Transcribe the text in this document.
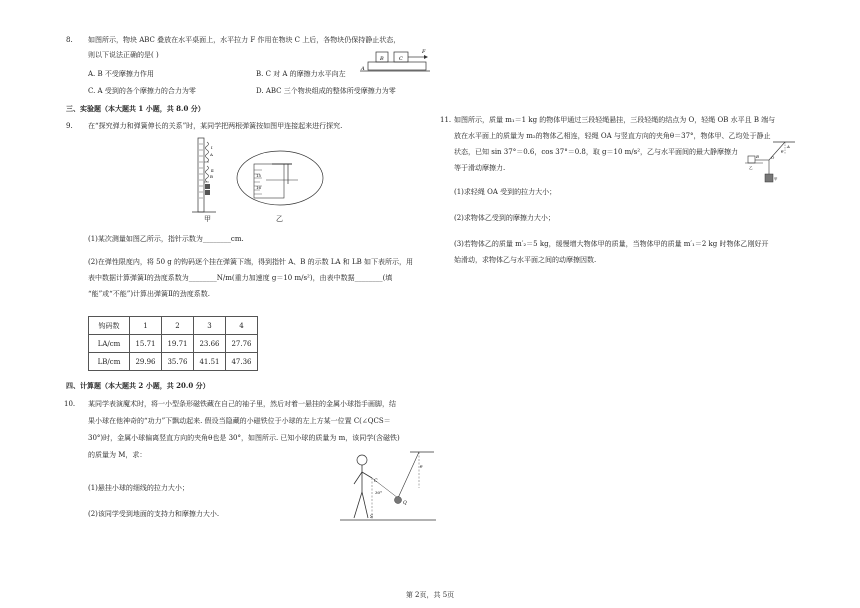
8. 如图所示，物块 ABC 叠放在水平桌面上，水平拉力 F 作用在物块 C 上后，各物块仍保持静止状态，
则以下说法正确的是( )	B	C
A
F
A. B 不受摩擦力作用	B. C 对 A 的摩擦力水平向左
C. A 受到的各个摩擦力的合力为零	D. ABC 三个物块组成的整体所受摩擦力为零
三、实验题（本大题共 1 小题，共 8.0 分）
9. 在“探究弹力和弹簧伸长的关系”时，某同学把两根弹簧按如图甲连接起来进行探究.
A
B
Ⅰ
Ⅱ
15
16
甲	乙
(1)某次测量如图乙所示，指针示数为________cm.
(2)在弹性限度内，将 50 g 的钩码逐个挂在弹簧下端，得到指针 A、B 的示数 LA 和 LB 如下表所示，用
表中数据计算弹簧Ⅰ的劲度系数为________N/m(重力加速度 g＝10 m/s²)，由表中数据________(填
“能”或“不能”)计算出弹簧Ⅱ的劲度系数.
钩码数	1	2	3	4
LA/cm	15.71	19.71	23.66	27.76
LB/cm	29.96	35.76	41.51	47.36
四、计算题（本大题共 2 小题，共 20.0 分）
10. 某同学表演魔术时，将一小型条形磁铁藏在自己的袖子里，然后对着一悬挂的金属小球指手画脚，结
果小球在他神奇的“功力”下飘动起来. 假设当隐藏的小磁铁位于小球的左上方某一位置 C(∠QCS＝
30°)时，金属小球偏离竖直方向的夹角θ也是 30°，如图所示. 已知小球的质量为 m，该同学(含磁铁)
的质量为 M，求：
(1)悬挂小球的细线的拉力大小；
(2)该同学受到地面的支持力和摩擦力大小.
C
30°
θ
Q
S
11. 如图所示，质量 m₁＝1 kg 的物体甲通过三段轻绳悬挂，三段轻绳的结点为 O，轻绳 OB 水平且 B 端与
放在水平面上的质量为 m₂的物体乙相连，轻绳 OA 与竖直方向的夹角θ＝37°，物体甲、乙均处于静止
状态，已知 sin 37°＝0.6，cos 37°＝0.8，取 g＝10 m/s²，乙与水平面间的最大静摩擦力
等于滑动摩擦力.
A
θ
O
B
乙
甲
(1)求轻绳 OA 受到的拉力大小；
(2)求物体乙受到的摩擦力大小；
(3)若物体乙的质量 m′₂＝5 kg，缓慢增大物体甲的质量，当物体甲的质量 m′₁＝2 kg 时物体乙刚好开
始滑动，求物体乙与水平面之间的动摩擦因数.
第 2页，共 5页
